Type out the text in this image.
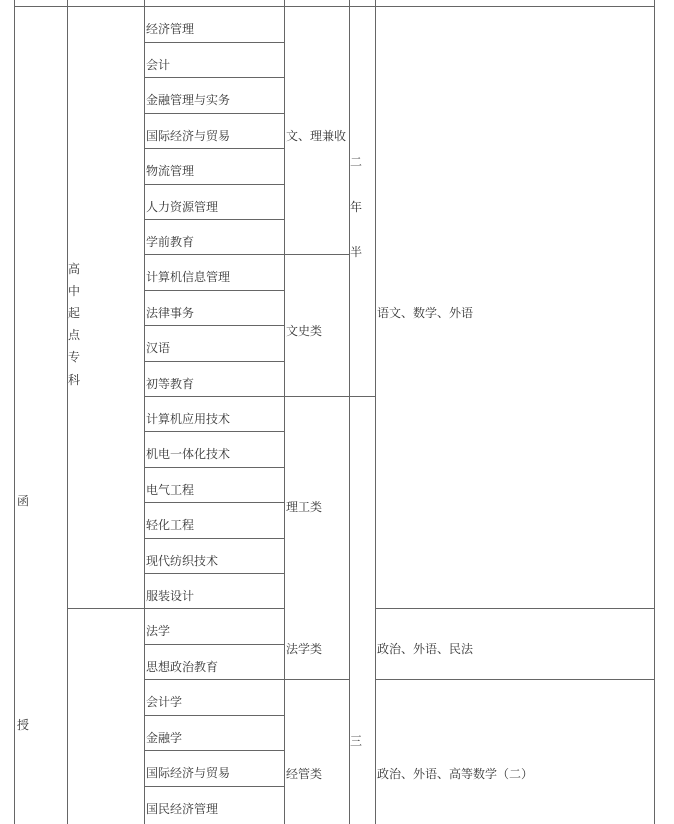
函
授
高
中
起
点
专
科
经济管理
会计
金融管理与实务
国际经济与贸易
物流管理
人力资源管理
学前教育
计算机信息管理
法律事务
汉语
初等教育
计算机应用技术
机电一体化技术
电气工程
轻化工程
现代纺织技术
服装设计
法学
思想政治教育
会计学
金融学
国际经济与贸易
国民经济管理
文、理兼收
文史类
理工类
法学类
经管类
二
年
半
三
语文、数学、外语
政治、外语、民法
政治、外语、高等数学（二）
